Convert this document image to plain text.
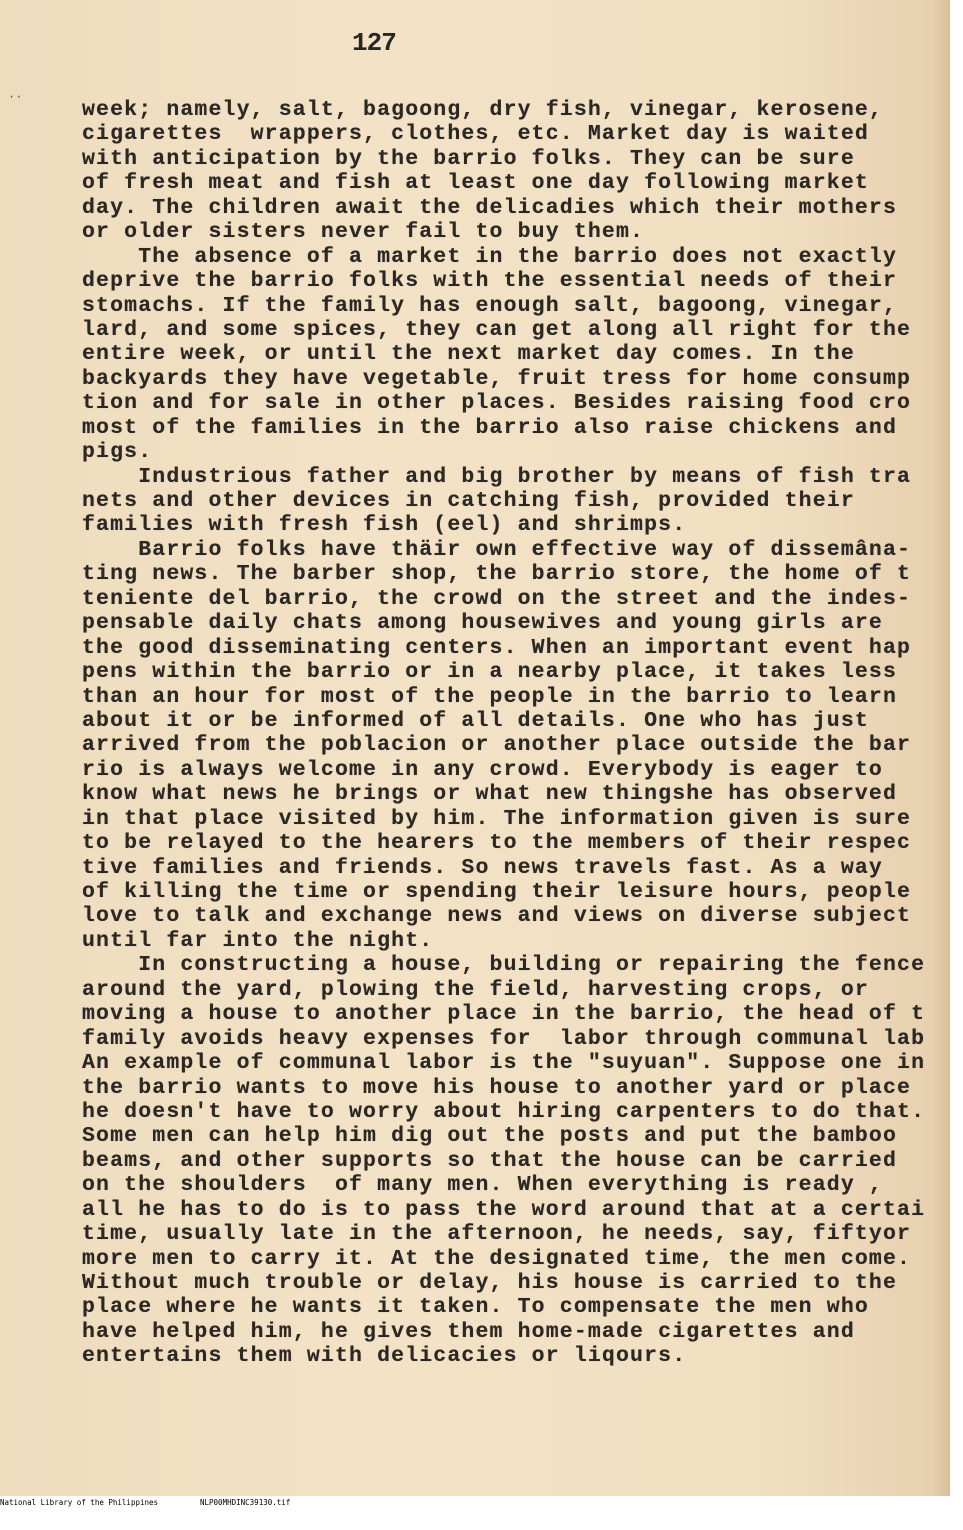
127
··
week; namely, salt, bagoong, dry fish, vinegar, kerosene,
cigarettes  wrappers, clothes, etc. Market day is waited
with anticipation by the barrio folks. They can be sure
of fresh meat and fish at least one day following market
day. The children await the delicadies which their mothers
or older sisters never fail to buy them.
The absence of a market in the barrio does not exactly
deprive the barrio folks with the essential needs of their
stomachs. If the family has enough salt, bagoong, vinegar,
lard, and some spices, they can get along all right for the
entire week, or until the next market day comes. In the
backyards they have vegetable, fruit tress for home consump
tion and for sale in other places. Besides raising food cro
most of the families in the barrio also raise chickens and
pigs.
Industrious father and big brother by means of fish tra
nets and other devices in catching fish, provided their
families with fresh fish (eel) and shrimps.
Barrio folks have thäir own effective way of dissemâna-
ting news. The barber shop, the barrio store, the home of t
teniente del barrio, the crowd on the street and the indes-
pensable daily chats among housewives and young girls are
the good disseminating centers. When an important event hap
pens within the barrio or in a nearby place, it takes less
than an hour for most of the people in the barrio to learn
about it or be informed of all details. One who has just
arrived from the poblacion or another place outside the bar
rio is always welcome in any crowd. Everybody is eager to
know what news he brings or what new thingshe has observed
in that place visited by him. The information given is sure
to be relayed to the hearers to the members of their respec
tive families and friends. So news travels fast. As a way
of killing the time or spending their leisure hours, people
love to talk and exchange news and views on diverse subject
until far into the night.
In constructing a house, building or repairing the fence
around the yard, plowing the field, harvesting crops, or
moving a house to another place in the barrio, the head of t
family avoids heavy expenses for  labor through communal lab
An example of communal labor is the "suyuan". Suppose one in
the barrio wants to move his house to another yard or place
he doesn't have to worry about hiring carpenters to do that.
Some men can help him dig out the posts and put the bamboo
beams, and other supports so that the house can be carried
on the shoulders  of many men. When everything is ready ,
all he has to do is to pass the word around that at a certai
time, usually late in the afternoon, he needs, say, fiftyor
more men to carry it. At the designated time, the men come.
Without much trouble or delay, his house is carried to the
place where he wants it taken. To compensate the men who
have helped him, he gives them home-made cigarettes and
entertains them with delicacies or liqours.

National Library of the Philippines

	NLP00MHDINC39130.tif
